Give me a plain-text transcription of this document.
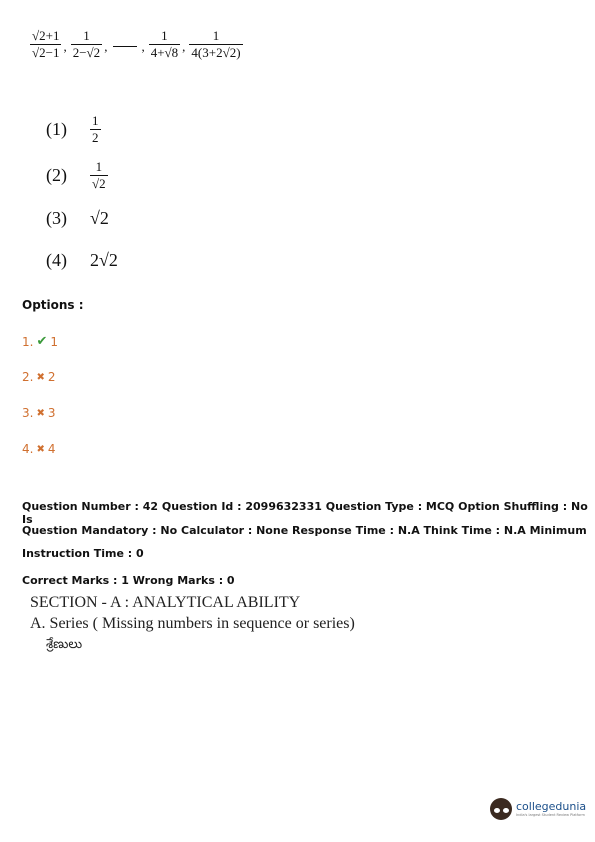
$\frac{√2+1}{√2-1}$ , $\frac{1}{2-√2}$ ,	, $\frac{1}{4+√8}$ , $\frac{1}{4(3+2√2)}$
(1)	$\frac{1}{2}$
(2)	$\frac{1}{√2}$
(3)	√2
(4)	2√2
Options :
1. ✔ 1
2. ✖ 2
3. ✖ 3
4. ✖ 4
Question Number : 42 Question Id : 2099632331 Question Type : MCQ Option Shuffling : No Is
Question Mandatory : No Calculator : None Response Time : N.A Think Time : N.A Minimum
Instruction Time : 0
Correct Marks : 1 Wrong Marks : 0
SECTION - A : ANALYTICAL ABILITY
A. Series ( Missing numbers in sequence or series)
శ్రేణులు
collegedunia
India's largest Student Review Platform
